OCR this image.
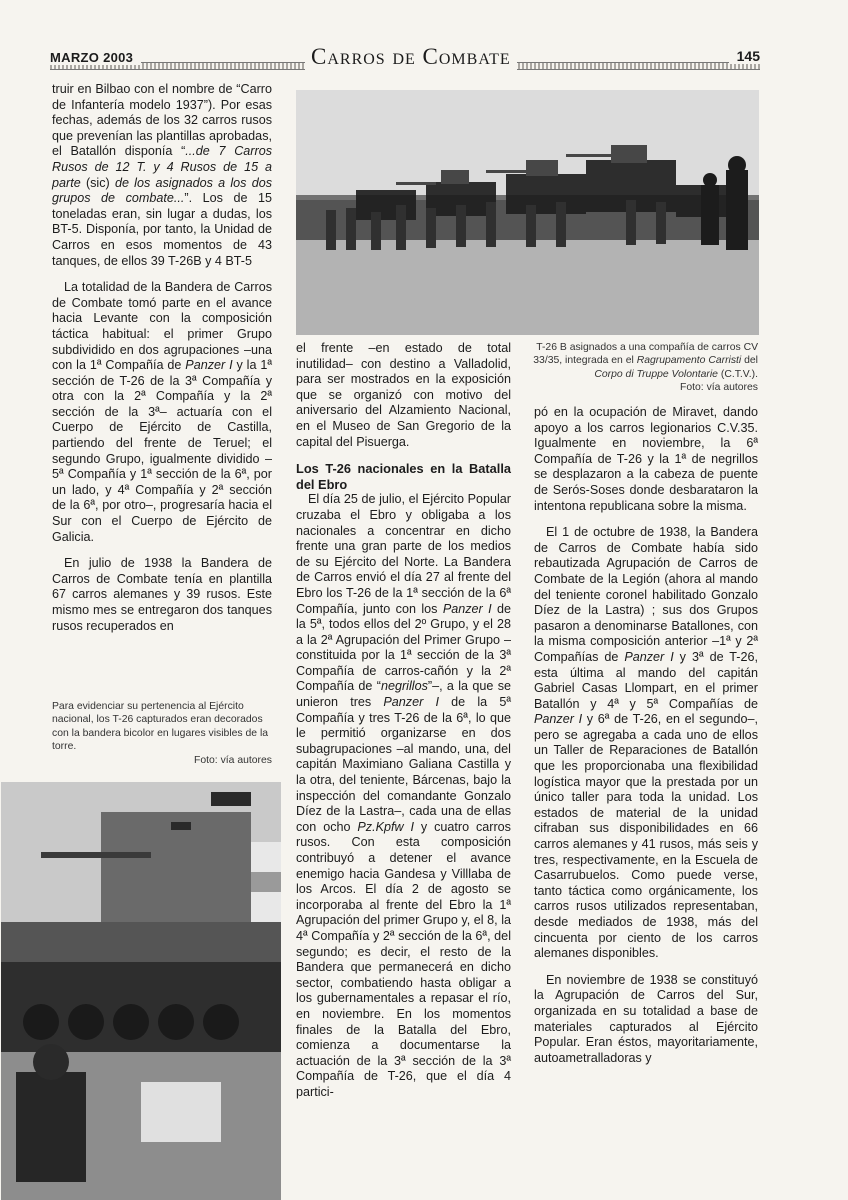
MARZO 2003	Carros de Combate	145

truir en Bilbao con el nombre de “Carro de Infantería modelo 1937”). Por esas fechas, además de los 32 carros rusos que prevenían las plantillas aprobadas, el Batallón disponía “...de 7 Carros Rusos de 12 T. y 4 Rusos de 15 a parte (sic) de los asignados a los dos grupos de combate...”. Los de 15 toneladas eran, sin lugar a dudas, los BT-5. Disponía, por tanto, la Unidad de Carros en esos momentos de 43 tanques, de ellos 39 T-26B y 4 BT-5

La totalidad de la Bandera de Carros de Combate tomó parte en el avance hacia Levante con la composición táctica habitual: el primer Grupo subdividido en dos agrupaciones –una con la 1ª Compañía de Panzer I y la 1ª sección de T-26 de la 3ª Compañía y otra con la 2ª Compañía y la 2ª sección de la 3ª– actuaría con el Cuerpo de Ejército de Castilla, partiendo del frente de Teruel; el segundo Grupo, igualmente dividido –5ª Compañía y 1ª sección de la 6ª, por un lado, y 4ª Compañía y 2ª sección de la 6ª, por otro–, progresaría hacia el Sur con el Cuerpo de Ejército de Galicia.

En julio de 1938 la Bandera de Carros de Combate tenía en plantilla 67 carros alemanes y 39 rusos. Este mismo mes se entregaron dos tanques rusos recuperados en

Para evidenciar su pertenencia al Ejército nacional, los T-26 capturados eran decorados con la bandera bicolor en lugares visibles de la torre.
Foto: vía autores
T-26 B asignados a una compañía de carros CV 33/35, integrada en el Ragrupamento Carristi del Corpo di Truppe Volontarie (C.T.V.).
Foto: vía autores

el frente –en estado de total inutilidad– con destino a Valladolid, para ser mostrados en la exposición que se organizó con motivo del aniversario del Alzamiento Nacional, en el Museo de San Gregorio de la capital del Pisuerga.

Los T-26 nacionales en la Batalla del Ebro

El día 25 de julio, el Ejército Popular cruzaba el Ebro y obligaba a los nacionales a concentrar en dicho frente una gran parte de los medios de su Ejército del Norte. La Bandera de Carros envió el día 27 al frente del Ebro los T-26 de la 1ª sección de la 6ª Compañía, junto con los Panzer I de la 5ª, todos ellos del 2º Grupo, y el 28 a la 2ª Agrupación del Primer Grupo –constituida por la 1ª sección de la 3ª Compañía de carros-cañón y la 2ª Compañía de “negrillos”–, a la que se unieron tres Panzer I de la 5ª Compañía y tres T-26 de la 6ª, lo que le permitió organizarse en dos subagrupaciones –al mando, una, del capitán Maximiano Galiana Castilla y la otra, del teniente, Bárcenas, bajo la inspección del comandante Gonzalo Díez de la Lastra–, cada una de ellas con ocho Pz.Kpfw I y cuatro carros rusos. Con esta composición contribuyó a detener el avance enemigo hacia Gandesa y Villlaba de los Arcos. El día 2 de agosto se incorporaba al frente del Ebro la 1ª Agrupación del primer Grupo y, el 8, la 4ª Compañía y 2ª sección de la 6ª, del segundo; es decir, el resto de la Bandera que permanecerá en dicho sector, combatiendo hasta obligar a los gubernamentales a repasar el río, en noviembre. En los momentos finales de la Batalla del Ebro, comienza a documentarse la actuación de la 3ª sección de la 3ª Compañía de T-26, que el día 4 partici-

pó en la ocupación de Miravet, dando apoyo a los carros legionarios C.V.35. Igualmente en noviembre, la 6ª Compañía de T-26 y la 1ª de negrillos se desplazaron a la cabeza de puente de Serós-Soses donde desbarataron la intentona republicana sobre la misma.

El 1 de octubre de 1938, la Bandera de Carros de Combate había sido rebautizada Agrupación de Carros de Combate de la Legión (ahora al mando del teniente coronel habilitado Gonzalo Díez de la Lastra) ; sus dos Grupos pasaron a denominarse Batallones, con la misma composición anterior –1ª y 2ª Compañías de Panzer I y 3ª de T-26, esta última al mando del capitán Gabriel Casas Llompart, en el primer Batallón y 4ª y 5ª Compañías de Panzer I y 6ª de T-26, en el segundo–, pero se agregaba a cada uno de ellos un Taller de Reparaciones de Batallón que les proporcionaba una flexibilidad logística mayor que la prestada por un único taller para toda la unidad. Los estados de material de la unidad cifraban sus disponibilidades en 66 carros alemanes y 41 rusos, más seis y tres, respectivamente, en la Escuela de Casarrubuelos. Como puede verse, tanto táctica como orgánicamente, los carros rusos utilizados representaban, desde mediados de 1938, más del cincuenta por ciento de los carros alemanes disponibles.

En noviembre de 1938 se constituyó la Agrupación de Carros del Sur, organizada en su totalidad a base de materiales capturados al Ejército Popular. Eran éstos, mayoritariamente, autoametralladoras y
